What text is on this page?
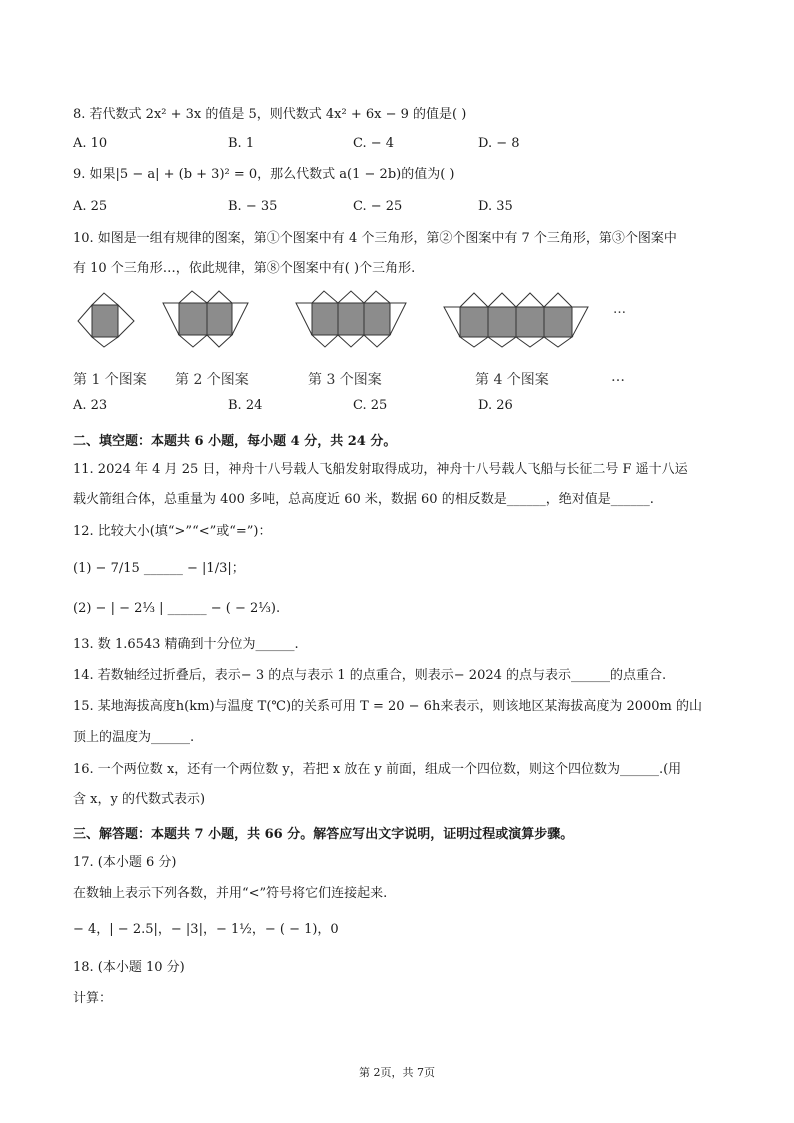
8. 若代数式 2x² + 3x 的值是 5，则代数式 4x² + 6x − 9 的值是( )
A. 10	B. 1	C. − 4	D. − 8
9. 如果|5 − a| + (b + 3)² = 0，那么代数式 a(1 − 2b)的值为( )
A. 25	B. − 35	C. − 25	D. 35
10. 如图是一组有规律的图案，第①个图案中有 4 个三角形，第②个图案中有 7 个三角形，第③个图案中
有 10 个三角形…，依此规律，第⑧个图案中有( )个三角形.
…
第 1 个图案 第 2 个图案	第 3 个图案	第 4 个图案	…
A. 23	B. 24	C. 25	D. 26
二、填空题：本题共 6 小题，每小题 4 分，共 24 分。
11. 2024 年 4 月 25 日，神舟十八号载人飞船发射取得成功，神舟十八号载人飞船与长征二号 F 遥十八运
载火箭组合体，总重量为 400 多吨，总高度近 60 米，数据 60 的相反数是______，绝对值是______.
12. 比较大小(填“>”“<”或“=”)：
(1) − 7/15 ______ − |1/3|；
(2) − | − 2⅓ | ______ − ( − 2⅓).
13. 数 1.6543 精确到十分位为______.
14. 若数轴经过折叠后，表示− 3 的点与表示 1 的点重合，则表示− 2024 的点与表示______的点重合.
15. 某地海拔高度h(km)与温度 T(℃)的关系可用 T = 20 − 6h来表示，则该地区某海拔高度为 2000m 的山
顶上的温度为______.
16. 一个两位数 x，还有一个两位数 y，若把 x 放在 y 前面，组成一个四位数，则这个四位数为______.(用
含 x，y 的代数式表示)
三、解答题：本题共 7 小题，共 66 分。解答应写出文字说明，证明过程或演算步骤。
17. (本小题 6 分)
在数轴上表示下列各数，并用“<”符号将它们连接起来.
− 4，| − 2.5|，− |3|，− 1½，− ( − 1)，0
18. (本小题 10 分)
计算：
第 2页，共 7页
